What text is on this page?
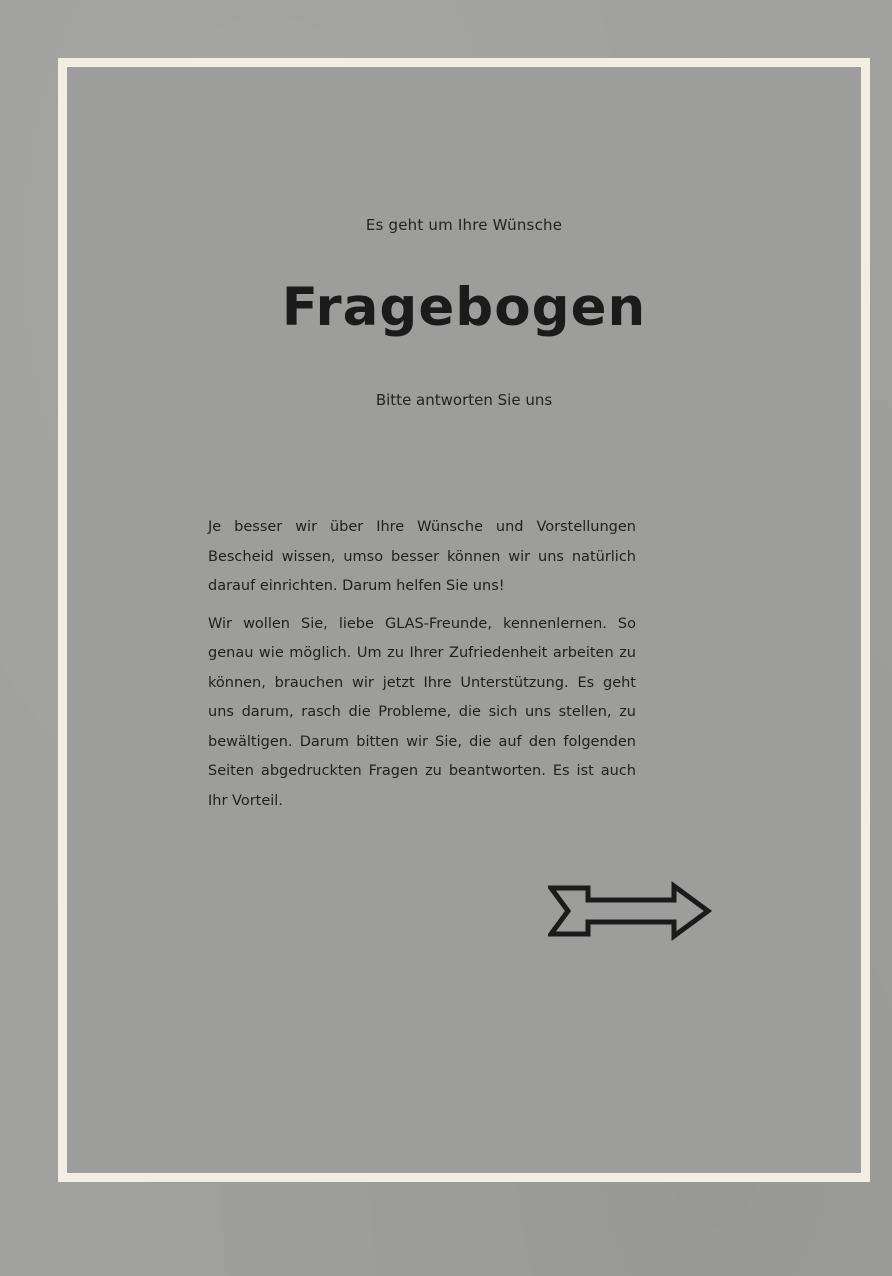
Es geht um Ihre Wünsche
Fragebogen
Bitte antworten Sie uns

Je besser wir über Ihre Wünsche und Vorstellungen Bescheid wissen, umso besser können wir uns natürlich darauf einrichten. Darum helfen Sie uns!

Wir wollen Sie, liebe GLAS-Freunde, kennenlernen. So genau wie möglich. Um zu Ihrer Zufriedenheit arbeiten zu können, brauchen wir jetzt Ihre Unterstützung. Es geht uns darum, rasch die Probleme, die sich uns stellen, zu bewältigen. Darum bitten wir Sie, die auf den folgenden Seiten abgedruckten Fragen zu beantworten. Es ist auch Ihr Vorteil.
